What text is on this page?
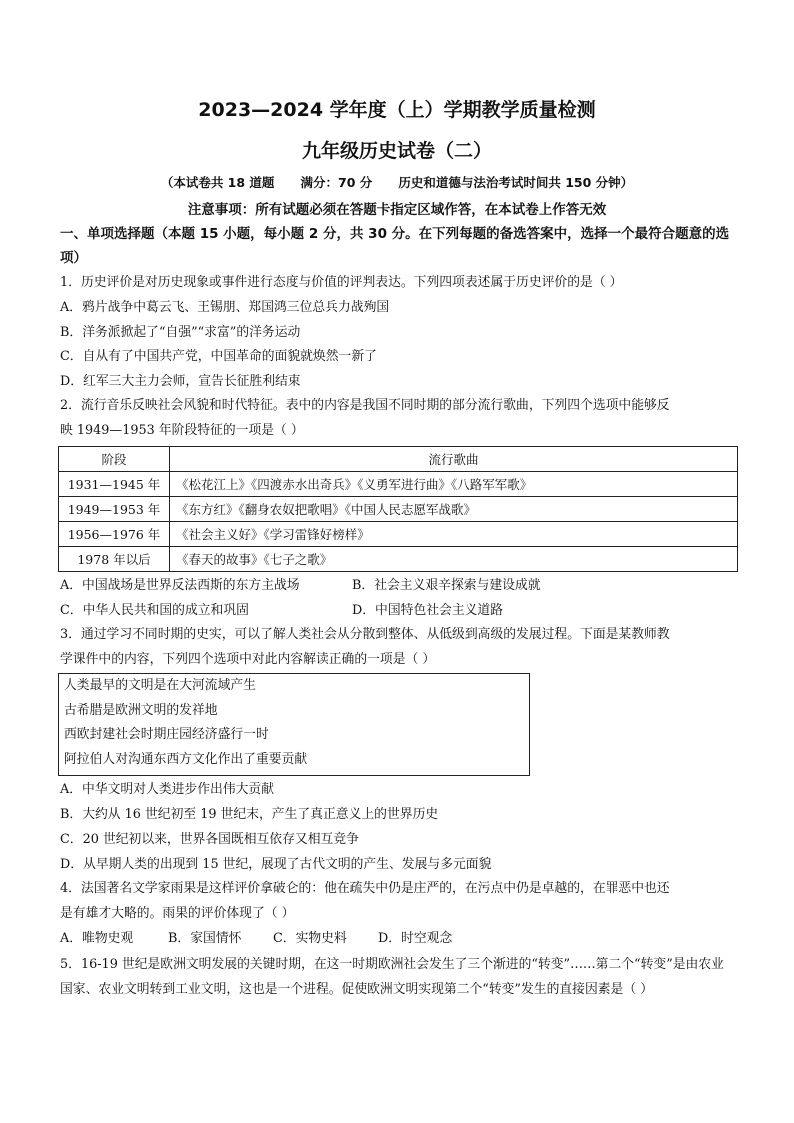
2023—2024 学年度（上）学期教学质量检测
九年级历史试卷（二）
（本试卷共 18 道题      满分：70 分      历史和道德与法治考试时间共 150 分钟）
注意事项：所有试题必须在答题卡指定区域作答，在本试卷上作答无效
一、单项选择题（本题 15 小题，每小题 2 分，共 30 分。在下列每题的备选答案中，选择一个最符合题意的选项）
1．历史评价是对历史现象或事件进行态度与价值的评判表达。下列四项表述属于历史评价的是（ ）
A．鸦片战争中葛云飞、王锡朋、郑国鸿三位总兵力战殉国
B．洋务派掀起了“自强”“求富”的洋务运动
C．自从有了中国共产党，中国革命的面貌就焕然一新了
D．红军三大主力会师，宣告长征胜利结束
2．流行音乐反映社会风貌和时代特征。表中的内容是我国不同时期的部分流行歌曲，下列四个选项中能够反
映 1949—1953 年阶段特征的一项是（ ）
阶段	流行歌曲
1931—1945 年	《松花江上》《四渡赤水出奇兵》《义勇军进行曲》《八路军军歌》
1949—1953 年	《东方红》《翻身农奴把歌唱》《中国人民志愿军战歌》
1956—1976 年	《社会主义好》《学习雷锋好榜样》
1978 年以后	《春天的故事》《七子之歌》
A．中国战场是世界反法西斯的东方主战场	B．社会主义艰辛探索与建设成就
C．中华人民共和国的成立和巩固	D．中国特色社会主义道路
3．通过学习不同时期的史实，可以了解人类社会从分散到整体、从低级到高级的发展过程。下面是某教师教
学课件中的内容，下列四个选项中对此内容解读正确的一项是（ ）
人类最早的文明是在大河流域产生
古希腊是欧洲文明的发祥地
西欧封建社会时期庄园经济盛行一时
阿拉伯人对沟通东西方文化作出了重要贡献
A．中华文明对人类进步作出伟大贡献
B．大约从 16 世纪初至 19 世纪末，产生了真正意义上的世界历史
C．20 世纪初以来，世界各国既相互依存又相互竞争
D．从早期人类的出现到 15 世纪，展现了古代文明的产生、发展与多元面貌
4．法国著名文学家雨果是这样评价拿破仑的：他在疏失中仍是庄严的，在污点中仍是卓越的，在罪恶中也还
是有雄才大略的。雨果的评价体现了（ ）
A．唯物史观	B．家国情怀 C．实物史料 D．时空观念
5．16-19 世纪是欧洲文明发展的关键时期，在这一时期欧洲社会发生了三个渐进的“转变”……第二个“转变”是由农业国家、农业文明转到工业文明，这也是一个进程。促使欧洲文明实现第二个“转变”发生的直接因素是（ ）
